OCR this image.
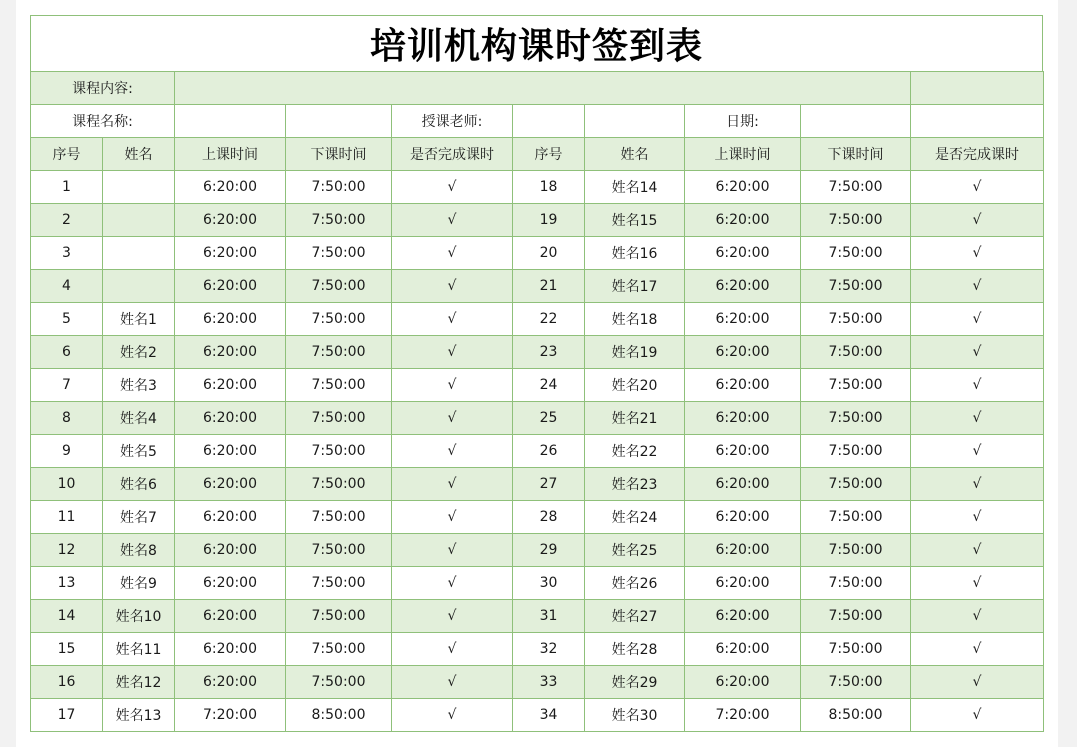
培训机构课时签到表
课程内容:									
课程名称:				授课老师:			日期:		
序号	姓名	上课时间	下课时间	是否完成课时	序号	姓名	上课时间	下课时间	是否完成课时
1		6:20:00	7:50:00	√	18	姓名14	6:20:00	7:50:00	√
2		6:20:00	7:50:00	√	19	姓名15	6:20:00	7:50:00	√
3		6:20:00	7:50:00	√	20	姓名16	6:20:00	7:50:00	√
4		6:20:00	7:50:00	√	21	姓名17	6:20:00	7:50:00	√
5	姓名1	6:20:00	7:50:00	√	22	姓名18	6:20:00	7:50:00	√
6	姓名2	6:20:00	7:50:00	√	23	姓名19	6:20:00	7:50:00	√
7	姓名3	6:20:00	7:50:00	√	24	姓名20	6:20:00	7:50:00	√
8	姓名4	6:20:00	7:50:00	√	25	姓名21	6:20:00	7:50:00	√
9	姓名5	6:20:00	7:50:00	√	26	姓名22	6:20:00	7:50:00	√
10	姓名6	6:20:00	7:50:00	√	27	姓名23	6:20:00	7:50:00	√
11	姓名7	6:20:00	7:50:00	√	28	姓名24	6:20:00	7:50:00	√
12	姓名8	6:20:00	7:50:00	√	29	姓名25	6:20:00	7:50:00	√
13	姓名9	6:20:00	7:50:00	√	30	姓名26	6:20:00	7:50:00	√
14	姓名10	6:20:00	7:50:00	√	31	姓名27	6:20:00	7:50:00	√
15	姓名11	6:20:00	7:50:00	√	32	姓名28	6:20:00	7:50:00	√
16	姓名12	6:20:00	7:50:00	√	33	姓名29	6:20:00	7:50:00	√
17	姓名13	7:20:00	8:50:00	√	34	姓名30	7:20:00	8:50:00	√
